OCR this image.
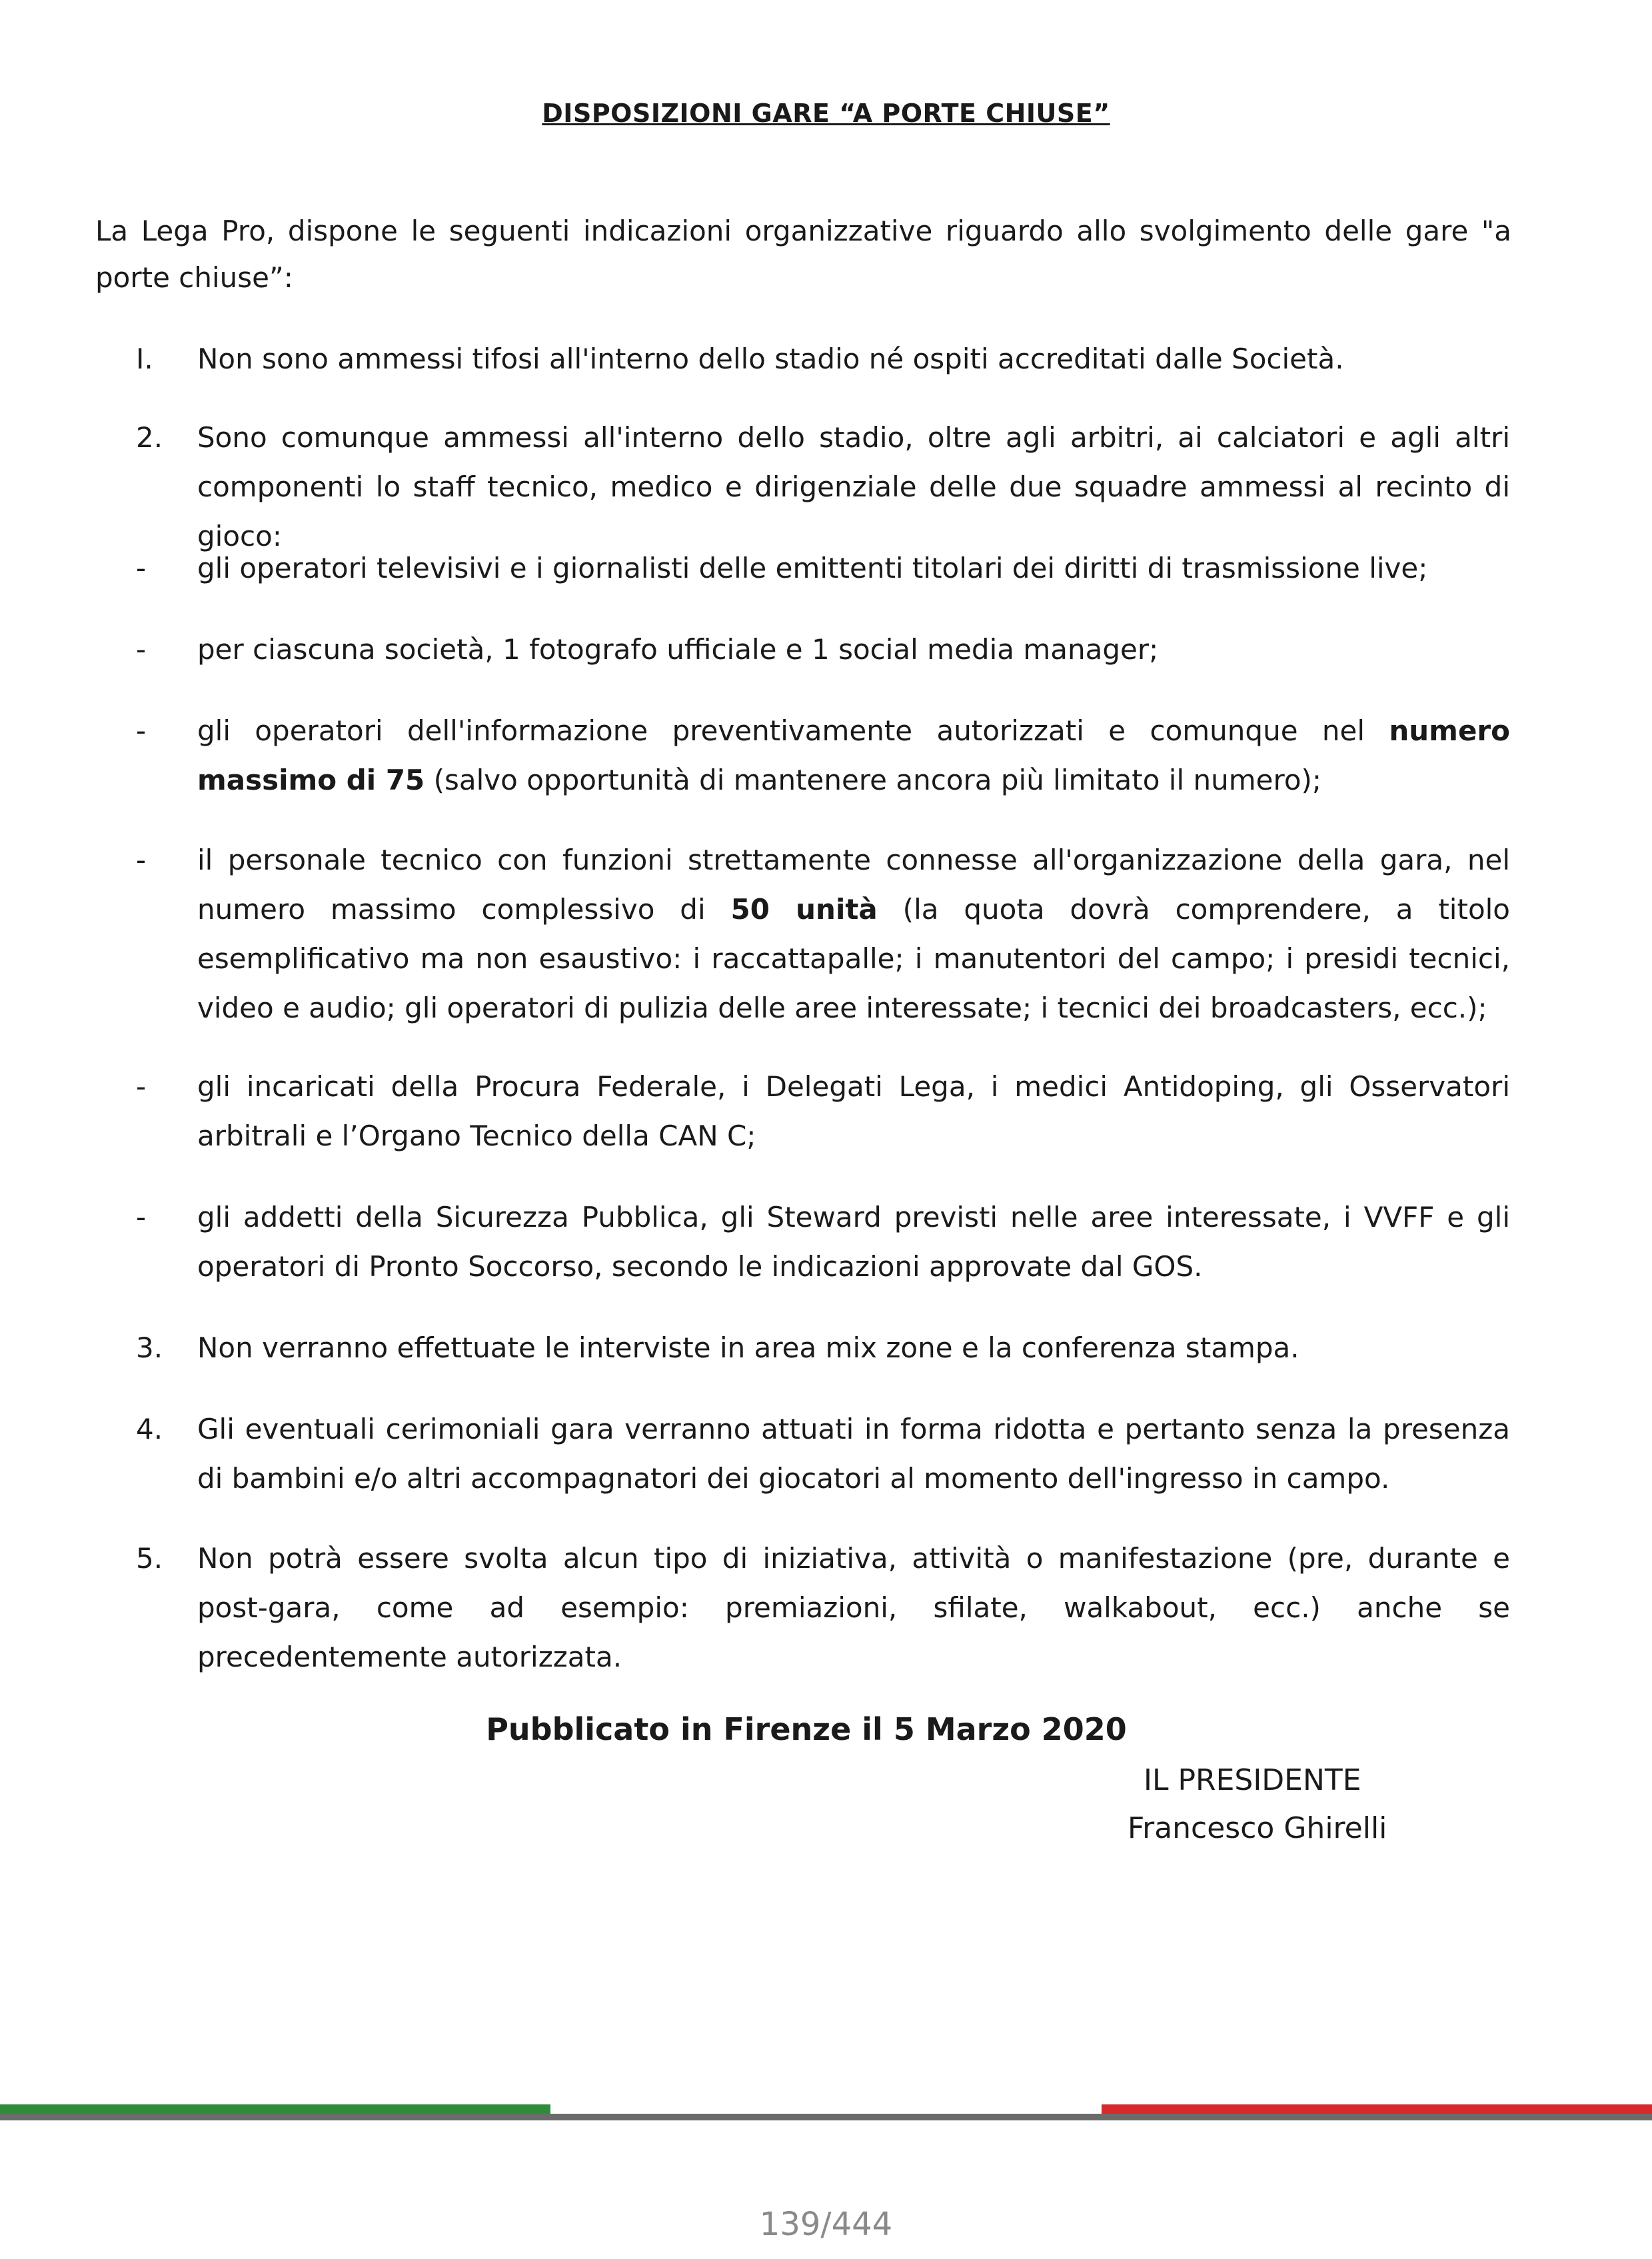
DISPOSIZIONI GARE “A PORTE CHIUSE”
La Lega Pro, dispone le seguenti indicazioni organizzative riguardo allo svolgimento delle gare "a porte chiuse”:
I. Non sono ammessi tifosi all'interno dello stadio né ospiti accreditati dalle Società.
2. Sono comunque ammessi all'interno dello stadio, oltre agli arbitri, ai calciatori e agli altri componenti lo staff tecnico, medico e dirigenziale delle due squadre ammessi al recinto di gioco:
- gli operatori televisivi e i giornalisti delle emittenti titolari dei diritti di trasmissione live;
- per ciascuna società, 1 fotografo ufficiale e 1 social media manager;
- gli operatori dell'informazione preventivamente autorizzati e comunque nel numero massimo di 75 (salvo opportunità di mantenere ancora più limitato il numero);
- il personale tecnico con funzioni strettamente connesse all'organizzazione della gara, nel numero massimo complessivo di 50 unità (la quota dovrà comprendere, a titolo esemplificativo ma non esaustivo: i raccattapalle; i manutentori del campo; i presidi tecnici, video e audio; gli operatori di pulizia delle aree interessate; i tecnici dei broadcasters, ecc.);
- gli incaricati della Procura Federale, i Delegati Lega, i medici Antidoping, gli Osservatori arbitrali e l’Organo Tecnico della CAN C;
- gli addetti della Sicurezza Pubblica, gli Steward previsti nelle aree interessate, i VVFF e gli operatori di Pronto Soccorso, secondo le indicazioni approvate dal GOS.
3. Non verranno effettuate le interviste in area mix zone e la conferenza stampa.
4. Gli eventuali cerimoniali gara verranno attuati in forma ridotta e pertanto senza la presenza di bambini e/o altri accompagnatori dei giocatori al momento dell'ingresso in campo.
5. Non potrà essere svolta alcun tipo di iniziativa, attività o manifestazione (pre, durante e post-gara, come ad esempio: premiazioni, sfilate, walkabout, ecc.) anche se precedentemente autorizzata.
Pubblicato in Firenze il 5 Marzo 2020
IL PRESIDENTE
Francesco Ghirelli
139/444
